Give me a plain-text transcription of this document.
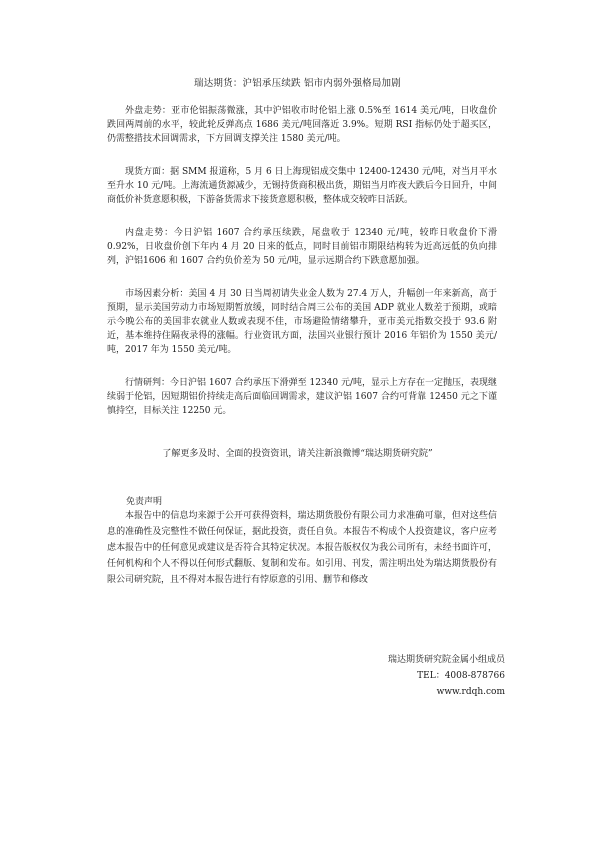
瑞达期货：沪铝承压续跌 铝市内弱外强格局加剧

外盘走势：亚市伦铝振荡微涨，其中沪铝收市时伦铝上涨 0.5%至 1614 美元/吨，日收盘价跌回两周前的水平，较此轮反弹高点 1686 美元/吨回落近 3.9%。短期 RSI 指标仍处于超买区，仍需整措技术回调需求，下方回调支撑关注 1580 美元/吨。

现货方面：据 SMM 报道称，5 月 6 日上海现铝成交集中 12400-12430 元/吨，对当月平水至升水 10 元/吨。上海流通货源减少，无锡持货商积极出货，期铝当月昨夜大跌后今日回升，中间商低价补货意愿积极，下游备货需求下接货意愿积极，整体成交较昨日活跃。

内盘走势：今日沪铝 1607 合约承压续跌，尾盘收于 12340 元/吨，较昨日收盘价下滑 0.92%，日收盘价创下年内 4 月 20 日来的低点，同时目前铝市期限结构转为近高远低的负向排列，沪铝1606 和 1607 合约负价差为 50 元/吨，显示远期合约下跌意愿加强。

市场因素分析：美国 4 月 30 日当周初请失业金人数为 27.4 万人，升幅创一年来新高，高于预期，显示美国劳动力市场短期暂放缓，同时结合周三公布的美国 ADP 就业人数差于预期，或暗示今晚公布的美国非农就业人数或表现不佳，市场避险情绪攀升，亚市美元指数交投于 93.6 附近，基本维持住隔夜录得的涨幅。行业资讯方面，法国兴业银行预计 2016 年铝价为 1550 美元/吨，2017 年为 1550 美元/吨。

行情研判：今日沪铝 1607 合约承压下滑弹至 12340 元/吨，显示上方存在一定抛压，表现继续弱于伦铝，因短期铝价持续走高后面临回调需求，建议沪铝 1607 合约可背靠 12450 元之下谨慎持空，目标关注 12250 元。

了解更多及时、全面的投资资讯，请关注新浪微博“瑞达期货研究院”
免责声明

本报告中的信息均来源于公开可获得资料，瑞达期货股份有限公司力求准确可靠，但对这些信息的准确性及完整性不做任何保证，据此投资，责任自负。本报告不构成个人投资建议，客户应考虑本报告中的任何意见或建议是否符合其特定状况。本报告版权仅为我公司所有，未经书面许可，任何机构和个人不得以任何形式翻版、复制和发布。如引用、刊发，需注明出处为瑞达期货股份有限公司研究院，且不得对本报告进行有悖原意的引用、删节和修改

瑞达期货研究院金属小组成员
TEL：4008-878766
www.rdqh.com
